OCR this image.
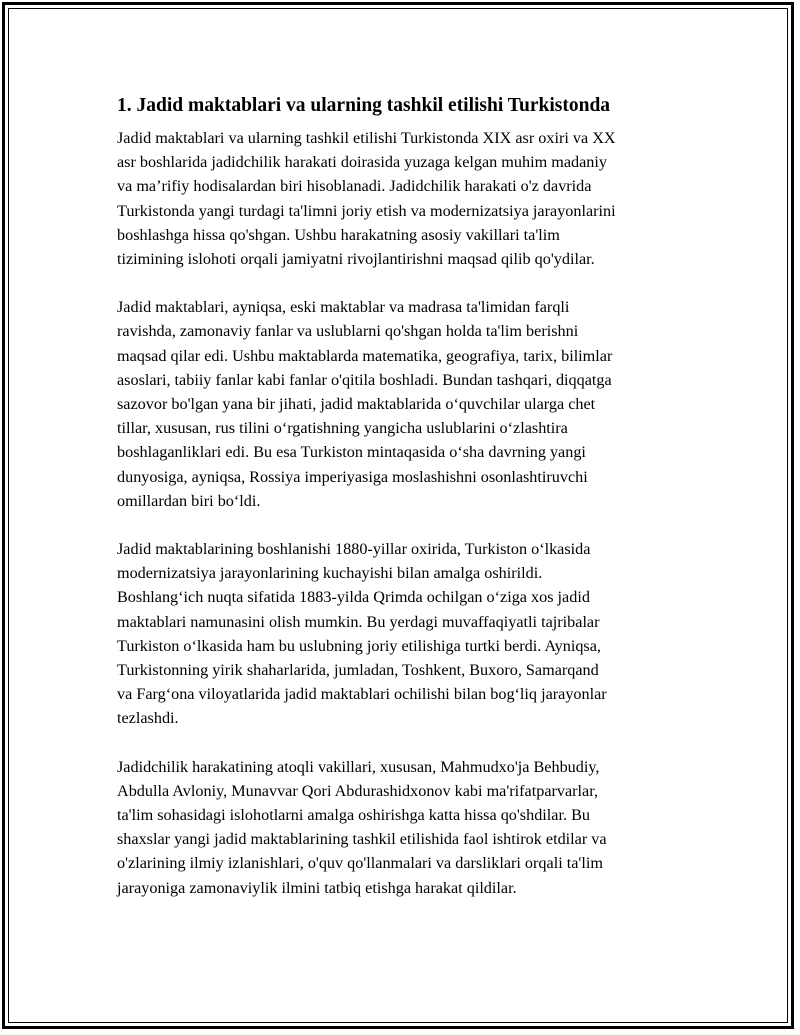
1. Jadid maktablari va ularning tashkil etilishi Turkistonda

Jadid maktablari va ularning tashkil etilishi Turkistonda XIX asr oxiri va XX
asr boshlarida jadidchilik harakati doirasida yuzaga kelgan muhim madaniy
va ma’rifiy hodisalardan biri hisoblanadi. Jadidchilik harakati o'z davrida
Turkistonda yangi turdagi ta'limni joriy etish va modernizatsiya jarayonlarini
boshlashga hissa qo'shgan. Ushbu harakatning asosiy vakillari ta'lim
tizimining islohoti orqali jamiyatni rivojlantirishni maqsad qilib qo'ydilar.

Jadid maktablari, ayniqsa, eski maktablar va madrasa ta'limidan farqli
ravishda, zamonaviy fanlar va uslublarni qo'shgan holda ta'lim berishni
maqsad qilar edi. Ushbu maktablarda matematika, geografiya, tarix, bilimlar
asoslari, tabiiy fanlar kabi fanlar o'qitila boshladi. Bundan tashqari, diqqatga
sazovor bo'lgan yana bir jihati, jadid maktablarida o‘quvchilar ularga chet
tillar, xususan, rus tilini o‘rgatishning yangicha uslublarini o‘zlashtira
boshlaganliklari edi. Bu esa Turkiston mintaqasida o‘sha davrning yangi
dunyosiga, ayniqsa, Rossiya imperiyasiga moslashishni osonlashtiruvchi
omillardan biri bo‘ldi.

Jadid maktablarining boshlanishi 1880-yillar oxirida, Turkiston o‘lkasida
modernizatsiya jarayonlarining kuchayishi bilan amalga oshirildi.
Boshlang‘ich nuqta sifatida 1883-yilda Qrimda ochilgan o‘ziga xos jadid
maktablari namunasini olish mumkin. Bu yerdagi muvaffaqiyatli tajribalar
Turkiston o‘lkasida ham bu uslubning joriy etilishiga turtki berdi. Ayniqsa,
Turkistonning yirik shaharlarida, jumladan, Toshkent, Buxoro, Samarqand
va Farg‘ona viloyatlarida jadid maktablari ochilishi bilan bog‘liq jarayonlar
tezlashdi.

Jadidchilik harakatining atoqli vakillari, xususan, Mahmudxo'ja Behbudiy,
Abdulla Avloniy, Munavvar Qori Abdurashidxonov kabi ma'rifatparvarlar,
ta'lim sohasidagi islohotlarni amalga oshirishga katta hissa qo'shdilar. Bu
shaxslar yangi jadid maktablarining tashkil etilishida faol ishtirok etdilar va
o'zlarining ilmiy izlanishlari, o'quv qo'llanmalari va darsliklari orqali ta'lim
jarayoniga zamonaviylik ilmini tatbiq etishga harakat qildilar.
